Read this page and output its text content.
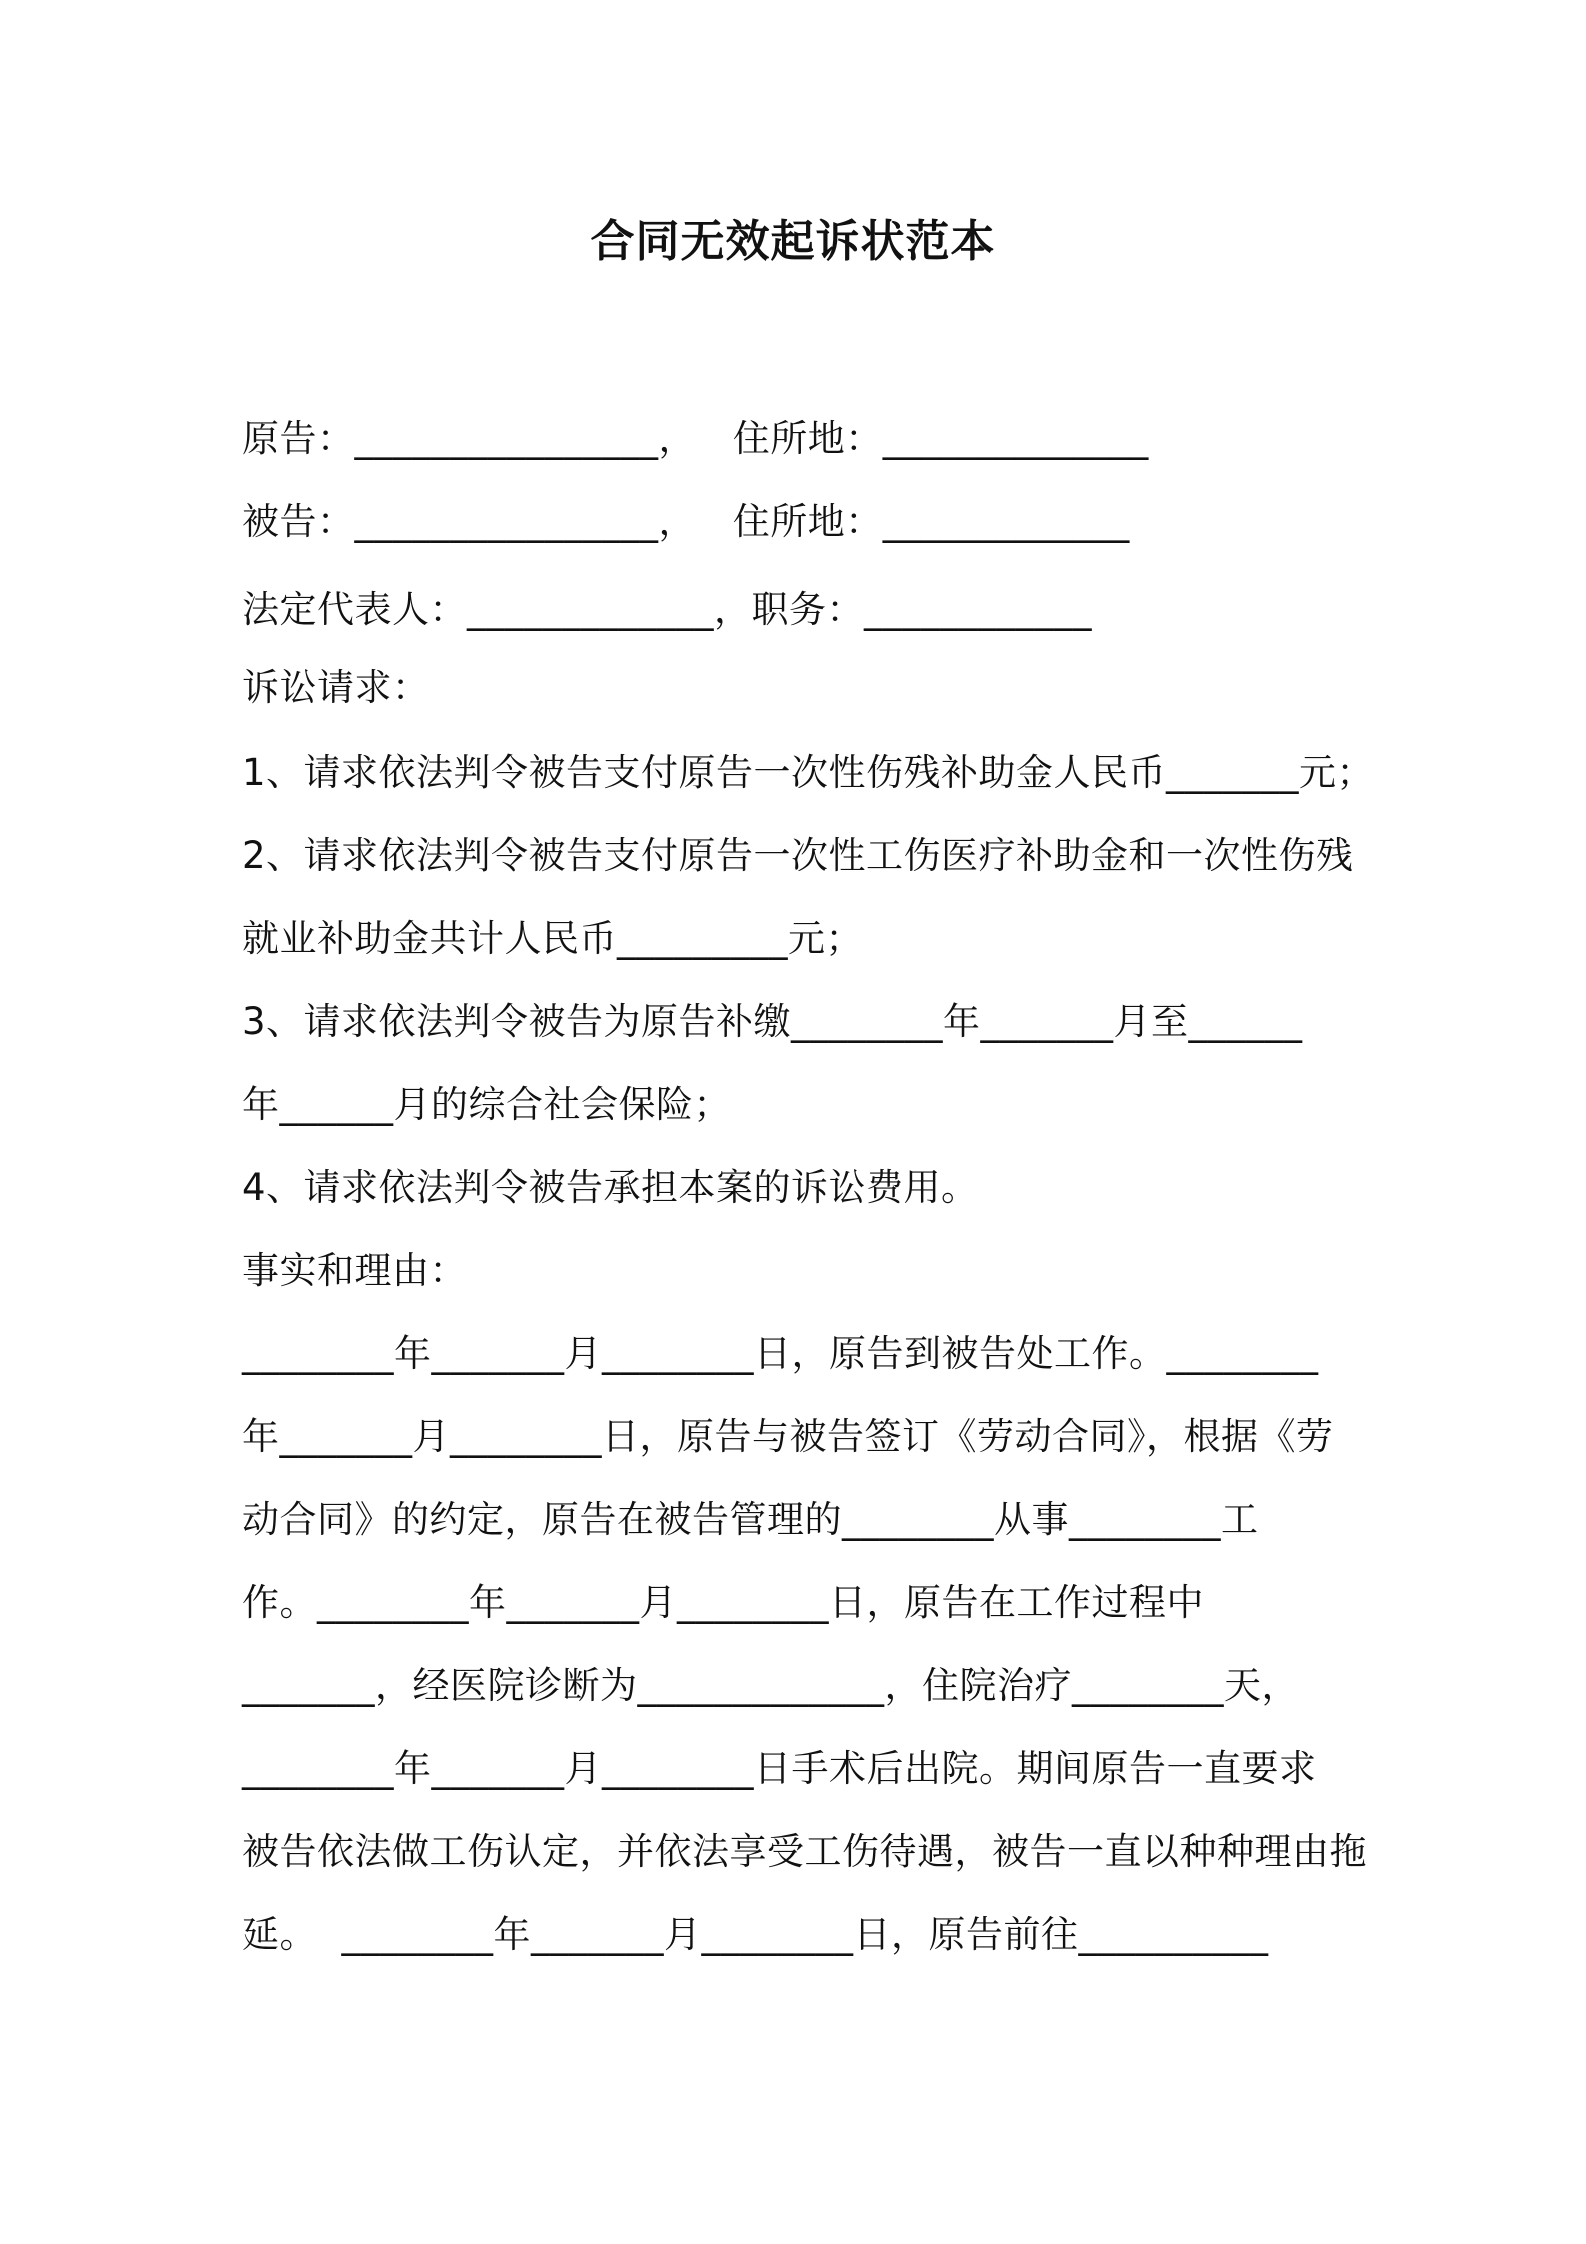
合同无效起诉状范本
原告：________________，   住所地：______________
被告：________________，   住所地：_____________
法定代表人：_____________，职务：____________
诉讼请求：
1、请求依法判令被告支付原告一次性伤残补助金人民币_______元；
2、请求依法判令被告支付原告一次性工伤医疗补助金和一次性伤残
就业补助金共计人民币_________元；
3、请求依法判令被告为原告补缴________年_______月至______
年______月的综合社会保险；
4、请求依法判令被告承担本案的诉讼费用。
事实和理由：
________年_______月________日，原告到被告处工作。________
年_______月________日，原告与被告签订《劳动合同》，根据《劳
动合同》的约定，原告在被告管理的________从事________工
作。________年_______月________日，原告在工作过程中
_______，经医院诊断为_____________，住院治疗________天，
________年_______月________日手术后出院。期间原告一直要求
被告依法做工伤认定，并依法享受工伤待遇，被告一直以种种理由拖
延。  ________年_______月________日，原告前往__________
